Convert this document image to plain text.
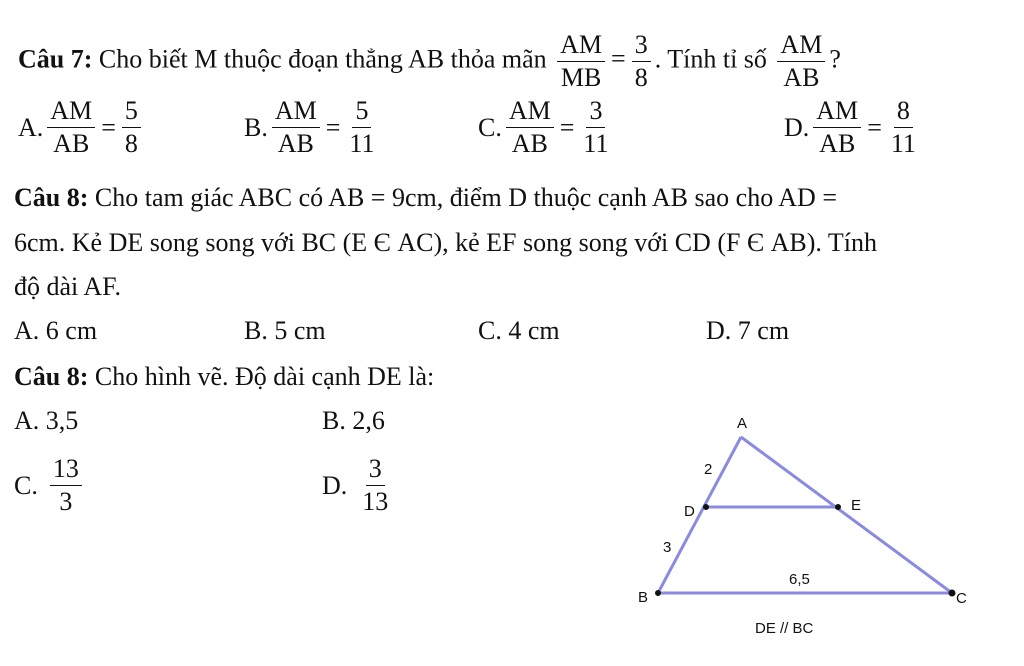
Câu 7: Cho biết M thuộc đoạn thẳng AB thỏa mãn $\frac{AM}{MB} = \frac{3}{8}$ . Tính tỉ số $\frac{AM}{AB}$ ?
A. $\frac{AM}{AB} = \frac{5}{8}$	B. $\frac{AM}{AB} = \frac{5}{11}$	C. $\frac{AM}{AB} = \frac{3}{11}$	D. $\frac{AM}{AB} = \frac{8}{11}$
Câu 8: Cho tam giác ABC có AB = 9cm, điểm D thuộc cạnh AB sao cho AD =
6cm. Kẻ DE song song với BC (E Є AC), kẻ EF song song với CD (F Є AB). Tính
độ dài AF.
A. 6 cm	B. 5 cm	C. 4 cm	D. 7 cm
Câu 8: Cho hình vẽ. Độ dài cạnh DE là:
A. 3,5	B. 2,6
C. $\frac{13}{3}$	D. $\frac{3}{13}$
A
D	E
B	C
2
3
6,5
DE // BC
